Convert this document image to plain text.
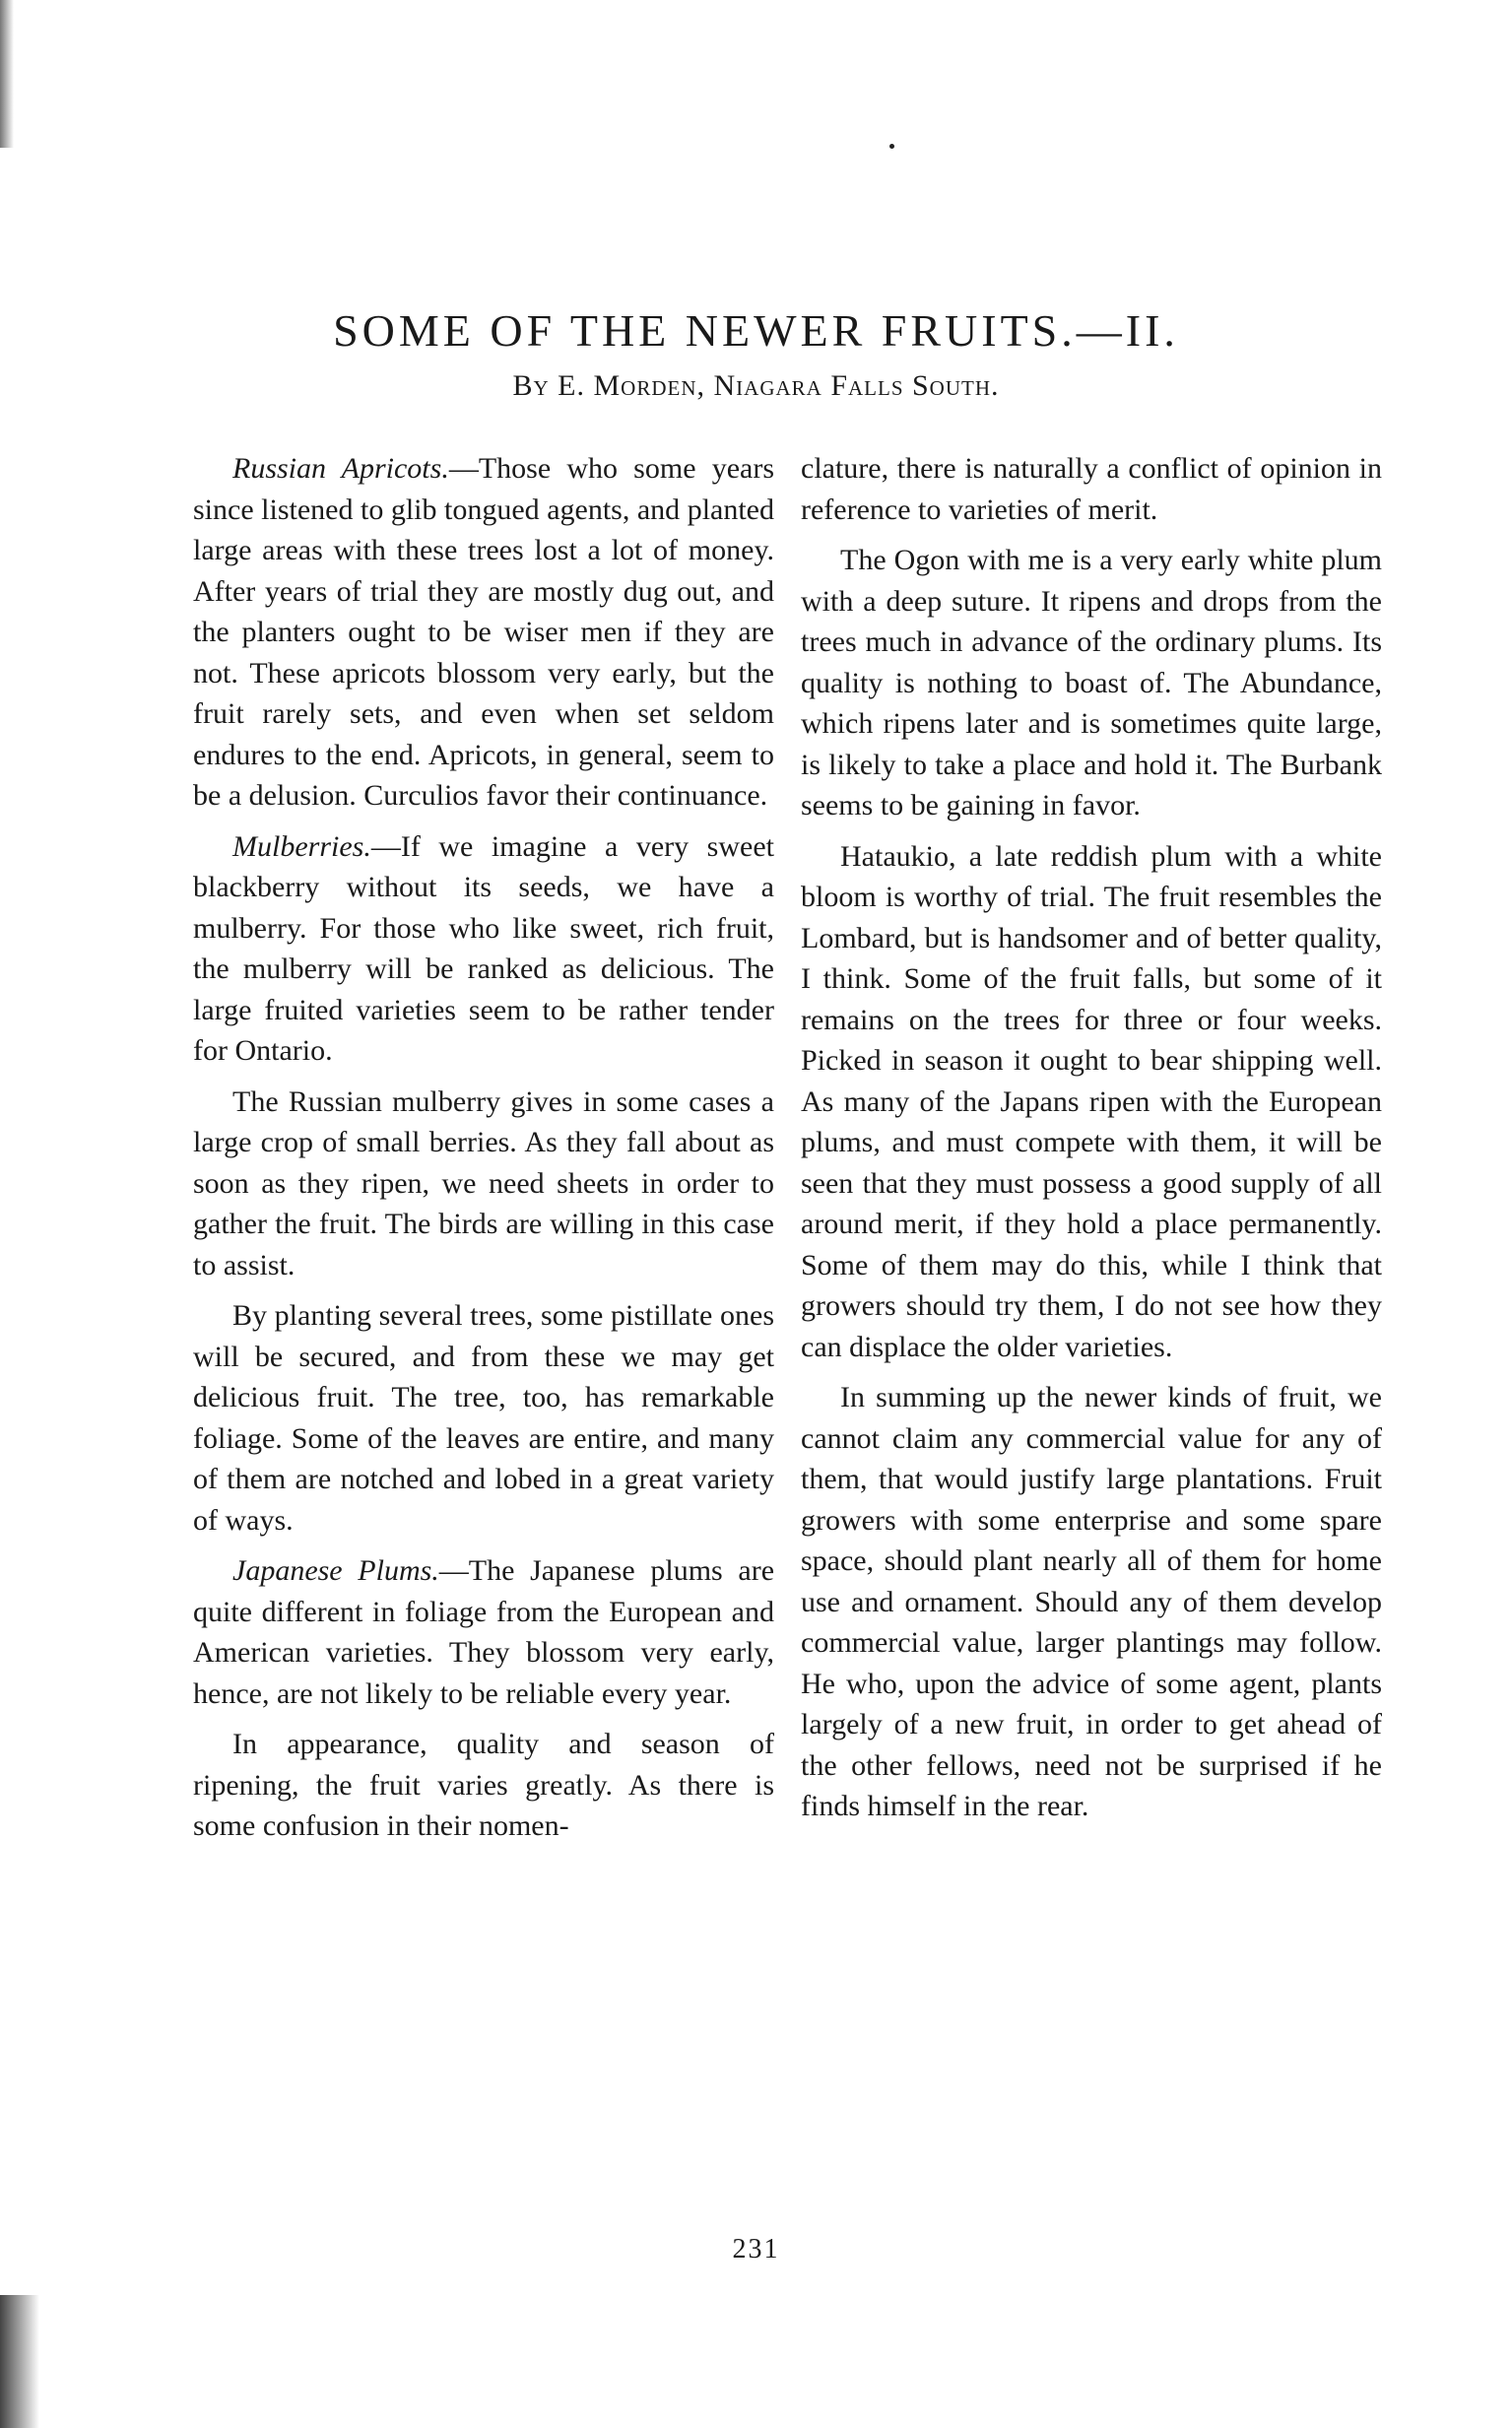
SOME OF THE NEWER FRUITS.—II.
By E. Morden, Niagara Falls South.

Russian Apricots.—Those who some years since listened to glib tongued agents, and planted large areas with these trees lost a lot of money. After years of trial they are mostly dug out, and the planters ought to be wiser men if they are not. These apricots blossom very early, but the fruit rarely sets, and even when set seldom endures to the end. Apricots, in general, seem to be a delusion. Curculios favor their continuance.

Mulberries.—If we imagine a very sweet blackberry without its seeds, we have a mulberry. For those who like sweet, rich fruit, the mulberry will be ranked as delicious. The large fruited varieties seem to be rather tender for Ontario.

The Russian mulberry gives in some cases a large crop of small berries. As they fall about as soon as they ripen, we need sheets in order to gather the fruit. The birds are willing in this case to assist.

By planting several trees, some pistillate ones will be secured, and from these we may get delicious fruit. The tree, too, has remarkable foliage. Some of the leaves are entire, and many of them are notched and lobed in a great variety of ways.

Japanese Plums.—The Japanese plums are quite different in foliage from the European and American varieties. They blossom very early, hence, are not likely to be reliable every year.

In appearance, quality and season of ripening, the fruit varies greatly. As there is some confusion in their nomen-

clature, there is naturally a conflict of opinion in reference to varieties of merit.

The Ogon with me is a very early white plum with a deep suture. It ripens and drops from the trees much in advance of the ordinary plums. Its quality is nothing to boast of. The Abundance, which ripens later and is sometimes quite large, is likely to take a place and hold it. The Burbank seems to be gaining in favor.

Hataukio, a late reddish plum with a white bloom is worthy of trial. The fruit resembles the Lombard, but is handsomer and of better quality, I think. Some of the fruit falls, but some of it remains on the trees for three or four weeks. Picked in season it ought to bear shipping well. As many of the Japans ripen with the European plums, and must compete with them, it will be seen that they must possess a good supply of all around merit, if they hold a place permanently. Some of them may do this, while I think that growers should try them, I do not see how they can displace the older varieties.

In summing up the newer kinds of fruit, we cannot claim any commercial value for any of them, that would justify large plantations. Fruit growers with some enterprise and some spare space, should plant nearly all of them for home use and ornament. Should any of them develop commercial value, larger plantings may follow. He who, upon the advice of some agent, plants largely of a new fruit, in order to get ahead of the other fellows, need not be surprised if he finds himself in the rear.

231
